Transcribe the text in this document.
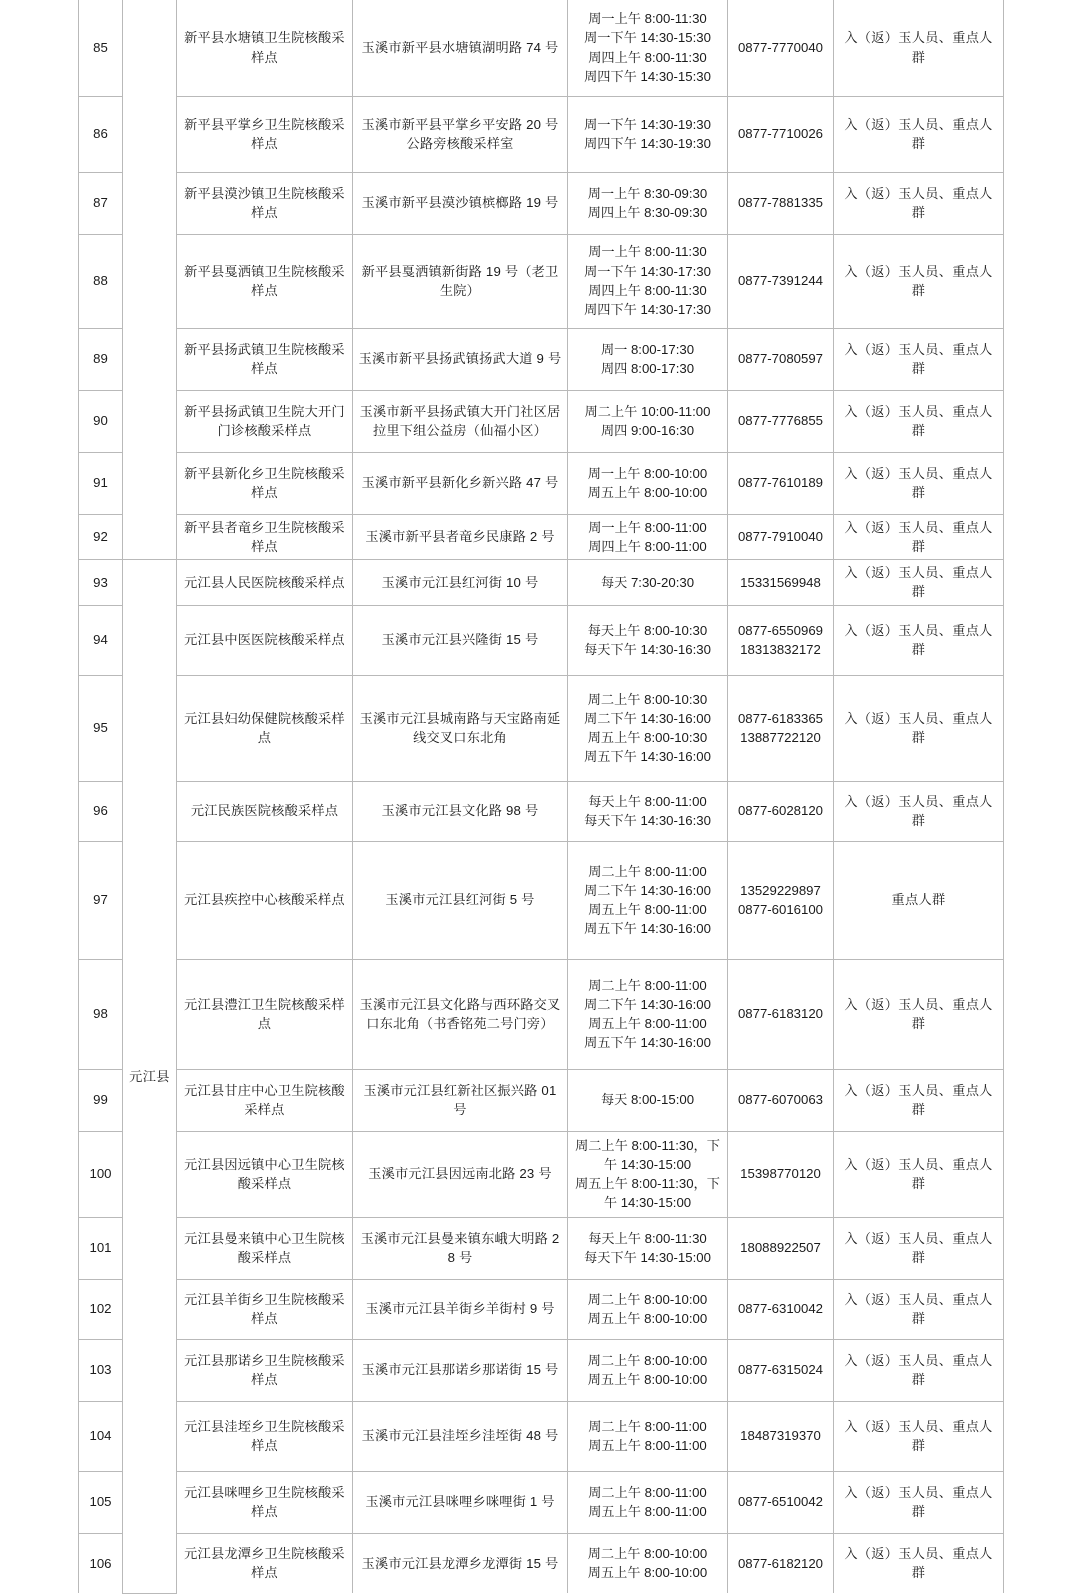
85		新平县水塘镇卫生院核酸采样点	玉溪市新平县水塘镇湖明路 74 号	周一上午 8:00-11:30
周一下午 14:30-15:30
周四上午 8:00-11:30
周四下午 14:30-15:30	0877-7770040	入（返）玉人员、重点人群
86		新平县平掌乡卫生院核酸采样点	玉溪市新平县平掌乡平安路 20 号公路旁核酸采样室	周一下午 14:30-19:30
周四下午 14:30-19:30	0877-7710026	入（返）玉人员、重点人群
87		新平县漠沙镇卫生院核酸采样点	玉溪市新平县漠沙镇槟榔路 19 号	周一上午 8:30-09:30
周四上午 8:30-09:30	0877-7881335	入（返）玉人员、重点人群
88		新平县戛洒镇卫生院核酸采样点	新平县戛洒镇新街路 19 号（老卫生院）	周一上午 8:00-11:30
周一下午 14:30-17:30
周四上午 8:00-11:30
周四下午 14:30-17:30	0877-7391244	入（返）玉人员、重点人群
89		新平县扬武镇卫生院核酸采样点	玉溪市新平县扬武镇扬武大道 9 号	周一 8:00-17:30
周四 8:00-17:30	0877-7080597	入（返）玉人员、重点人群
90		新平县扬武镇卫生院大开门门诊核酸采样点	玉溪市新平县扬武镇大开门社区居拉里下组公益房（仙福小区）	周二上午 10:00-11:00
周四 9:00-16:30	0877-7776855	入（返）玉人员、重点人群
91		新平县新化乡卫生院核酸采样点	玉溪市新平县新化乡新兴路 47 号	周一上午 8:00-10:00
周五上午 8:00-10:00	0877-7610189	入（返）玉人员、重点人群
92		新平县者竜乡卫生院核酸采样点	玉溪市新平县者竜乡民康路 2 号	周一上午 8:00-11:00
周四上午 8:00-11:00	0877-7910040	入（返）玉人员、重点人群
93	元江县	元江县人民医院核酸采样点	玉溪市元江县红河街 10 号	每天 7:30-20:30	15331569948	入（返）玉人员、重点人群
94		元江县中医医院核酸采样点	玉溪市元江县兴隆街 15 号	每天上午 8:00-10:30
每天下午 14:30-16:30	0877-6550969
18313832172	入（返）玉人员、重点人群
95		元江县妇幼保健院核酸采样点	玉溪市元江县城南路与天宝路南延线交叉口东北角	周二上午 8:00-10:30
周二下午 14:30-16:00
周五上午 8:00-10:30
周五下午 14:30-16:00	0877-6183365
13887722120	入（返）玉人员、重点人群
96		元江民族医院核酸采样点	玉溪市元江县文化路 98 号	每天上午 8:00-11:00
每天下午 14:30-16:30	0877-6028120	入（返）玉人员、重点人群
97		元江县疾控中心核酸采样点	玉溪市元江县红河街 5 号	周二上午 8:00-11:00
周二下午 14:30-16:00
周五上午 8:00-11:00
周五下午 14:30-16:00	13529229897
0877-6016100	重点人群
98		元江县澧江卫生院核酸采样点	玉溪市元江县文化路与西环路交叉口东北角（书香铭苑二号门旁）	周二上午 8:00-11:00
周二下午 14:30-16:00
周五上午 8:00-11:00
周五下午 14:30-16:00	0877-6183120	入（返）玉人员、重点人群
99		元江县甘庄中心卫生院核酸采样点	玉溪市元江县红新社区振兴路 01 号	每天 8:00-15:00	0877-6070063	入（返）玉人员、重点人群
100		元江县因远镇中心卫生院核酸采样点	玉溪市元江县因远南北路 23 号	周二上午 8:00-11:30，下午 14:30-15:00
周五上午 8:00-11:30，下午 14:30-15:00	15398770120	入（返）玉人员、重点人群
101		元江县曼来镇中心卫生院核酸采样点	玉溪市元江县曼来镇东峨大明路 28 号	每天上午 8:00-11:30
每天下午 14:30-15:00	18088922507	入（返）玉人员、重点人群
102		元江县羊街乡卫生院核酸采样点	玉溪市元江县羊街乡羊街村 9 号	周二上午 8:00-10:00
周五上午 8:00-10:00	0877-6310042	入（返）玉人员、重点人群
103		元江县那诺乡卫生院核酸采样点	玉溪市元江县那诺乡那诺街 15 号	周二上午 8:00-10:00
周五上午 8:00-10:00	0877-6315024	入（返）玉人员、重点人群
104		元江县洼垤乡卫生院核酸采样点	玉溪市元江县洼垤乡洼垤街 48 号	周二上午 8:00-11:00
周五上午 8:00-11:00	18487319370	入（返）玉人员、重点人群
105		元江县咪哩乡卫生院核酸采样点	玉溪市元江县咪哩乡咪哩街 1 号	周二上午 8:00-11:00
周五上午 8:00-11:00	0877-6510042	入（返）玉人员、重点人群
106		元江县龙潭乡卫生院核酸采样点	玉溪市元江县龙潭乡龙潭街 15 号	周二上午 8:00-10:00
周五上午 8:00-10:00	0877-6182120	入（返）玉人员、重点人群
